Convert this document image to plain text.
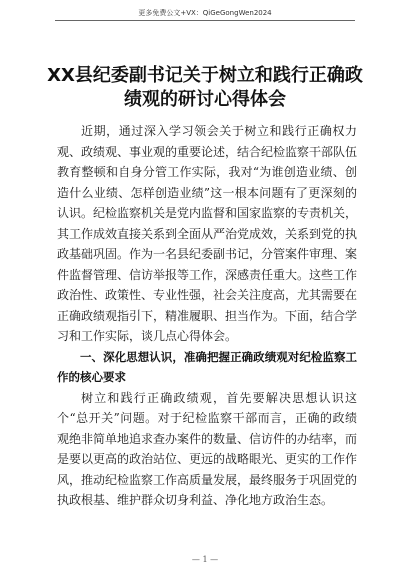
更多免费公文+VX：QiGeGongWen2024
XX县纪委副书记关于树立和践行正确政
绩观的研讨心得体会

近期，通过深入学习领会关于树立和践行正确权力观、政绩观、事业观的重要论述，结合纪检监察干部队伍教育整顿和自身分管工作实际，我对“为谁创造业绩、创造什么业绩、怎样创造业绩”这一根本问题有了更深刻的认识。纪检监察机关是党内监督和国家监察的专责机关，其工作成效直接关系到全面从严治党成效，关系到党的执政基础巩固。作为一名县纪委副书记，分管案件审理、案件监督管理、信访举报等工作，深感责任重大。这些工作政治性、政策性、专业性强，社会关注度高，尤其需要在正确政绩观指引下，精准履职、担当作为。下面，结合学习和工作实际，谈几点心得体会。

一、深化思想认识，准确把握正确政绩观对纪检监察工作的核心要求

树立和践行正确政绩观，首先要解决思想认识这个“总开关”问题。对于纪检监察干部而言，正确的政绩观绝非简单地追求查办案件的数量、信访件的办结率，而是要以更高的政治站位、更远的战略眼光、更实的工作作风，推动纪检监察工作高质量发展，最终服务于巩固党的执政根基、维护群众切身利益、净化地方政治生态。

— 1 —
